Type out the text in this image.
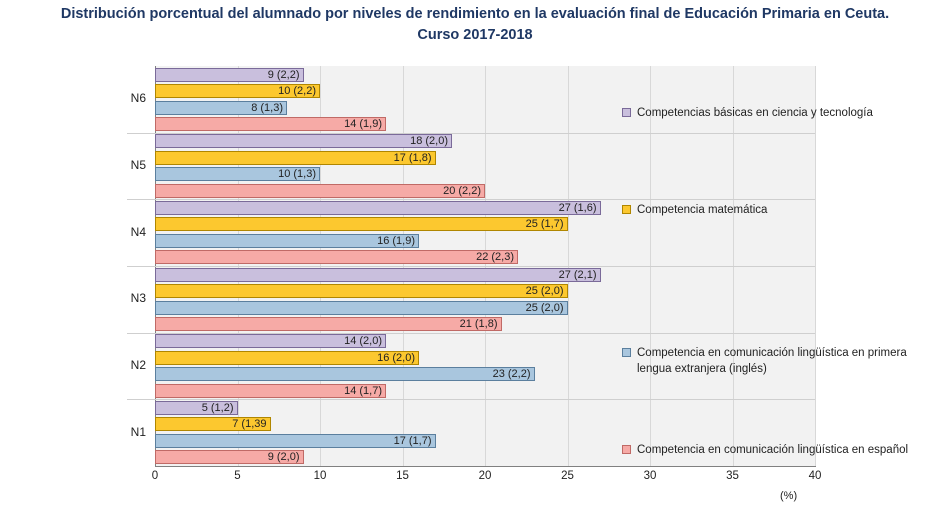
Distribución porcentual del alumnado por niveles de rendimiento en la evaluación final de Educación Primaria en Ceuta.
Curso 2017-2018
0	5	10	15	20	25	30	35	40
N6
9 (2,2)
10 (2,2)
8 (1,3)
14 (1,9)
N5
18 (2,0)
17 (1,8)
10 (1,3)
20 (2,2)
N4
27 (1,6)
25 (1,7)
16 (1,9)
22 (2,3)
N3
27 (2,1)
25 (2,0)
25 (2,0)
21 (1,8)
N2
14 (2,0)
16 (2,0)
23 (2,2)
14 (1,7)
N1
5 (1,2)
7 (1,39
17 (1,7)
9 (2,0)
Competencias básicas en ciencia y tecnología
Competencia matemática
Competencia en comunicación lingüística en primera lengua extranjera (inglés)
Competencia en comunicación lingüística en español
(%)
